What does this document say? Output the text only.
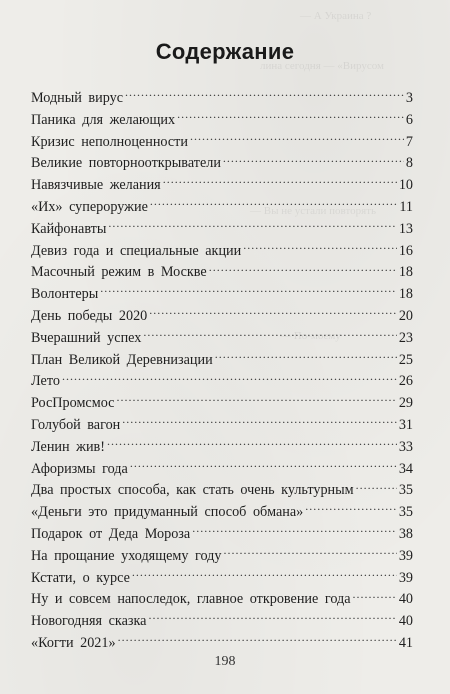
— А Украина ?
лина сегодня — «Вирусом
— Вы не устали повторять
— По-моему
Содержание
Модный вирус .....	3
Паника для желающих .....	6
Кризис неполноценности .....	7
Великие повторнооткрыватели .....	8
Навязчивые желания .....	10
«Их» супероружие .....	11
Кайфонавты .....	13
Девиз года и специальные акции .....	16
Масочный режим в Москве .....	18
Волонтеры .....	18
День победы 2020 .....	20
Вчерашний успех .....	23
План Великой Деревнизации .....	25
Лето .....	26
РосПромсмос .....	29
Голубой вагон .....	31
Ленин жив! .....	33
Афоризмы года .....	34
Два простых способа, как стать очень культурным .....	35
«Деньги это придуманный способ обмана» .....	35
Подарок от Деда Мороза .....	38
На прощание уходящему году .....	39
Кстати, о курсе .....	39
Ну и совсем напоследок, главное откровение года .....	40
Новогодняя сказка .....	40
«Когти 2021» .....	41
198
